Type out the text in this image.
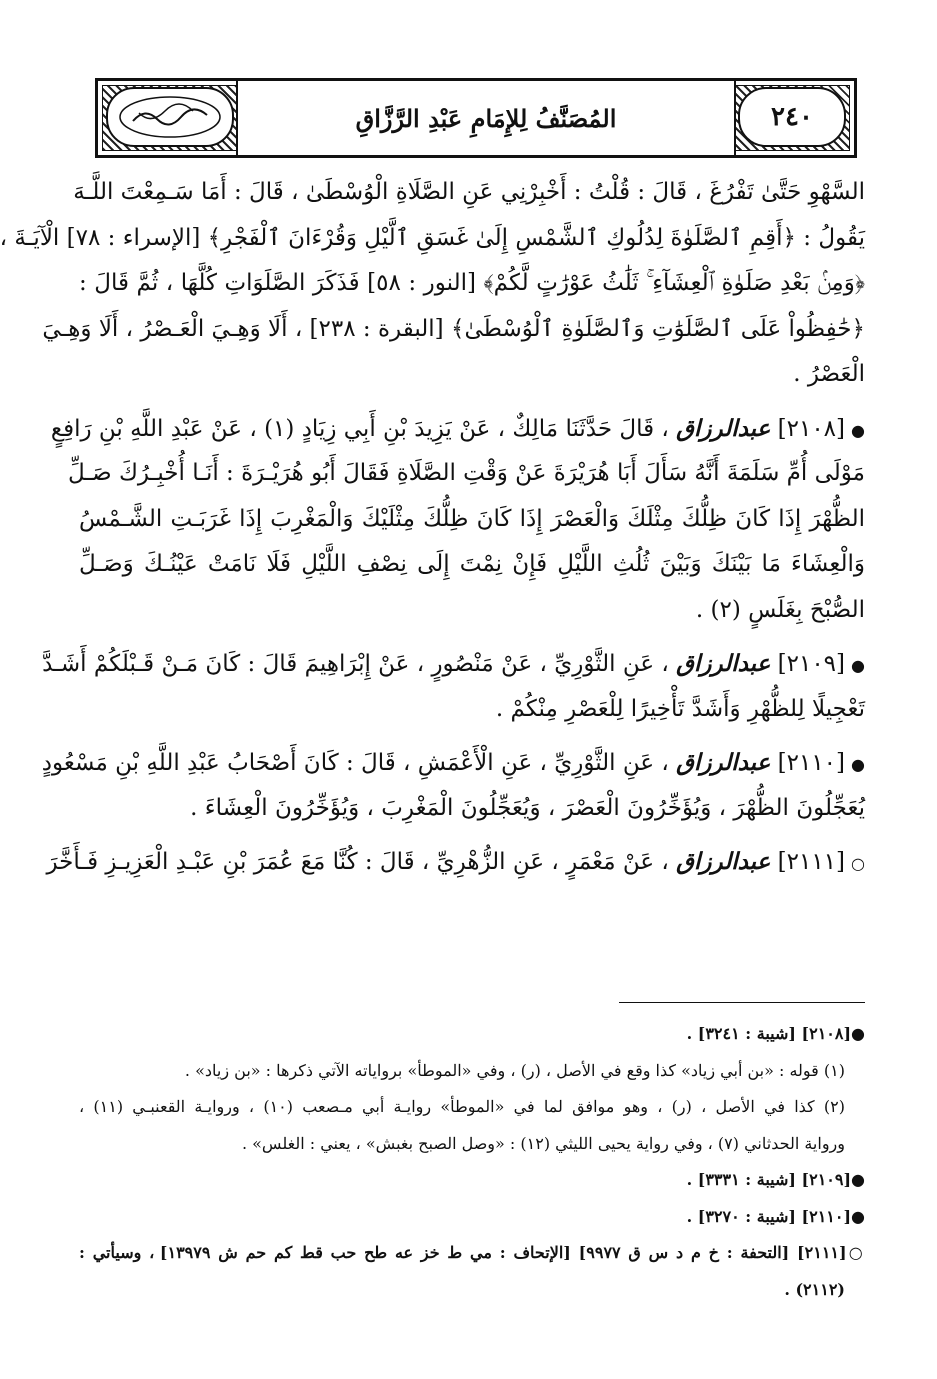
المُصَنَّفُ لِلإِمَامِ عَبْدِ الرَّزَّاقِ	٢٤٠
السَّهْوِ حَتَّىٰ تَفْرُغَ ، قَالَ : قُلْتُ : أَخْبِرْنِي عَنِ الصَّلَاةِ الْوُسْطَىٰ ، قَالَ : أَمَا سَـمِعْتَ اللَّـهَ
يَقُولُ : ﴿أَقِمِ ٱلصَّلَوٰةَ لِدُلُوكِ ٱلشَّمْسِ إِلَىٰ غَسَقِ ٱلَّيْلِ وَقُرْءَانَ ٱلْفَجْرِ﴾ [الإسراء : ٧٨] الْآيَـةَ ،
﴿وَمِنۢ بَعْدِ صَلَوٰةِ ٱلْعِشَآءِ ۚ ثَلَٰثُ عَوْرَٰتٍ لَّكُمْ﴾ [النور : ٥٨] فَذَكَرَ الصَّلَوَاتِ كُلَّهَا ، ثُمَّ قَالَ :
﴿حَٰفِظُواْ عَلَى ٱلصَّلَوَٰتِ وَٱلصَّلَوٰةِ ٱلْوُسْطَىٰ﴾ [البقرة : ٢٣٨] ، أَلَا وَهِـيَ الْعَـصْرُ ، أَلَا وَهِـيَ
الْعَصْرُ .
●[٢١٠٨] عبدالرزاق ، قَالَ حَدَّثَنَا مَالِكٌ ، عَنْ يَزِيدَ بْنِ أَبِي زِيَادٍ (١) ، عَنْ عَبْدِ اللَّهِ بْنِ رَافِعٍ
مَوْلَى أُمِّ سَلَمَةَ أَنَّهُ سَأَلَ أَبَا هُرَيْرَةَ عَنْ وَقْتِ الصَّلَاةِ فَقَالَ أَبُو هُرَيْـرَةَ : أَنَـا أُخْبِـرُكَ صَـلِّ
الظُّهْرَ إِذَا كَانَ ظِلُّكَ مِثْلَكَ وَالْعَصْرَ إِذَا كَانَ ظِلُّكَ مِثْلَيْكَ وَالْمَغْرِبَ إِذَا غَرَبَـتِ الشَّـمْسُ
وَالْعِشَاءَ مَا بَيْنَكَ وَبَيْنَ ثُلُثِ اللَّيْلِ فَإِنْ نِمْتَ إِلَى نِصْفِ اللَّيْلِ فَلَا نَامَتْ عَيْنُـكَ وَصَـلِّ
الصُّبْحَ بِغَلَسٍ (٢) .
●[٢١٠٩] عبدالرزاق ، عَنِ الثَّوْرِيِّ ، عَنْ مَنْصُورٍ ، عَنْ إِبْرَاهِيمَ قَالَ : كَانَ مَـنْ قَـبْلَكُمْ أَشَـدَّ
تَعْجِيلًا لِلظُّهْرِ وَأَشَدَّ تَأْخِيرًا لِلْعَصْرِ مِنْكُمْ .
●[٢١١٠] عبدالرزاق ، عَنِ الثَّوْرِيِّ ، عَنِ الْأَعْمَشِ ، قَالَ : كَانَ أَصْحَابُ عَبْدِ اللَّهِ بْنِ مَسْعُودٍ
يُعَجِّلُونَ الظُّهْرَ ، وَيُؤَخِّرُونَ الْعَصْرَ ، وَيُعَجِّلُونَ الْمَغْرِبَ ، وَيُؤَخِّرُونَ الْعِشَاءَ .
○[٢١١١] عبدالرزاق ، عَنْ مَعْمَرٍ ، عَنِ الزُّهْرِيِّ ، قَالَ : كُنَّا مَعَ عُمَرَ بْنِ عَبْـدِ الْعَزِيـزِ فَـأَخَّرَ
●[٢١٠٨] [شيبة : ٣٢٤١] .
(١) قوله : «بن أبي زياد» كذا وقع في الأصل ، (ر) ، وفي «الموطأ» برواياته الآتي ذكرها : «بن زياد» .
(٢) كذا في الأصل ، (ر) ، وهو موافق لما في «الموطأ» روايـة أبي مـصعب (١٠) ، وروايـة القعنبـي (١١) ،
ورواية الحدثاني (٧) ، وفي رواية يحيى الليثي (١٢) : «وصل الصبح بغبش» ، يعني : الغلس» .
●[٢١٠٩] [شيبة : ٣٣٣١] .
●[٢١١٠] [شيبة : ٣٢٧٠] .
○[٢١١١] [التحفة : خ م د س ق ٩٩٧٧] [الإتحاف : مي ط خز عه طح حب قط كم حم ش ١٣٩٧٩] ، وسيأتي :
(٢١١٢) .
